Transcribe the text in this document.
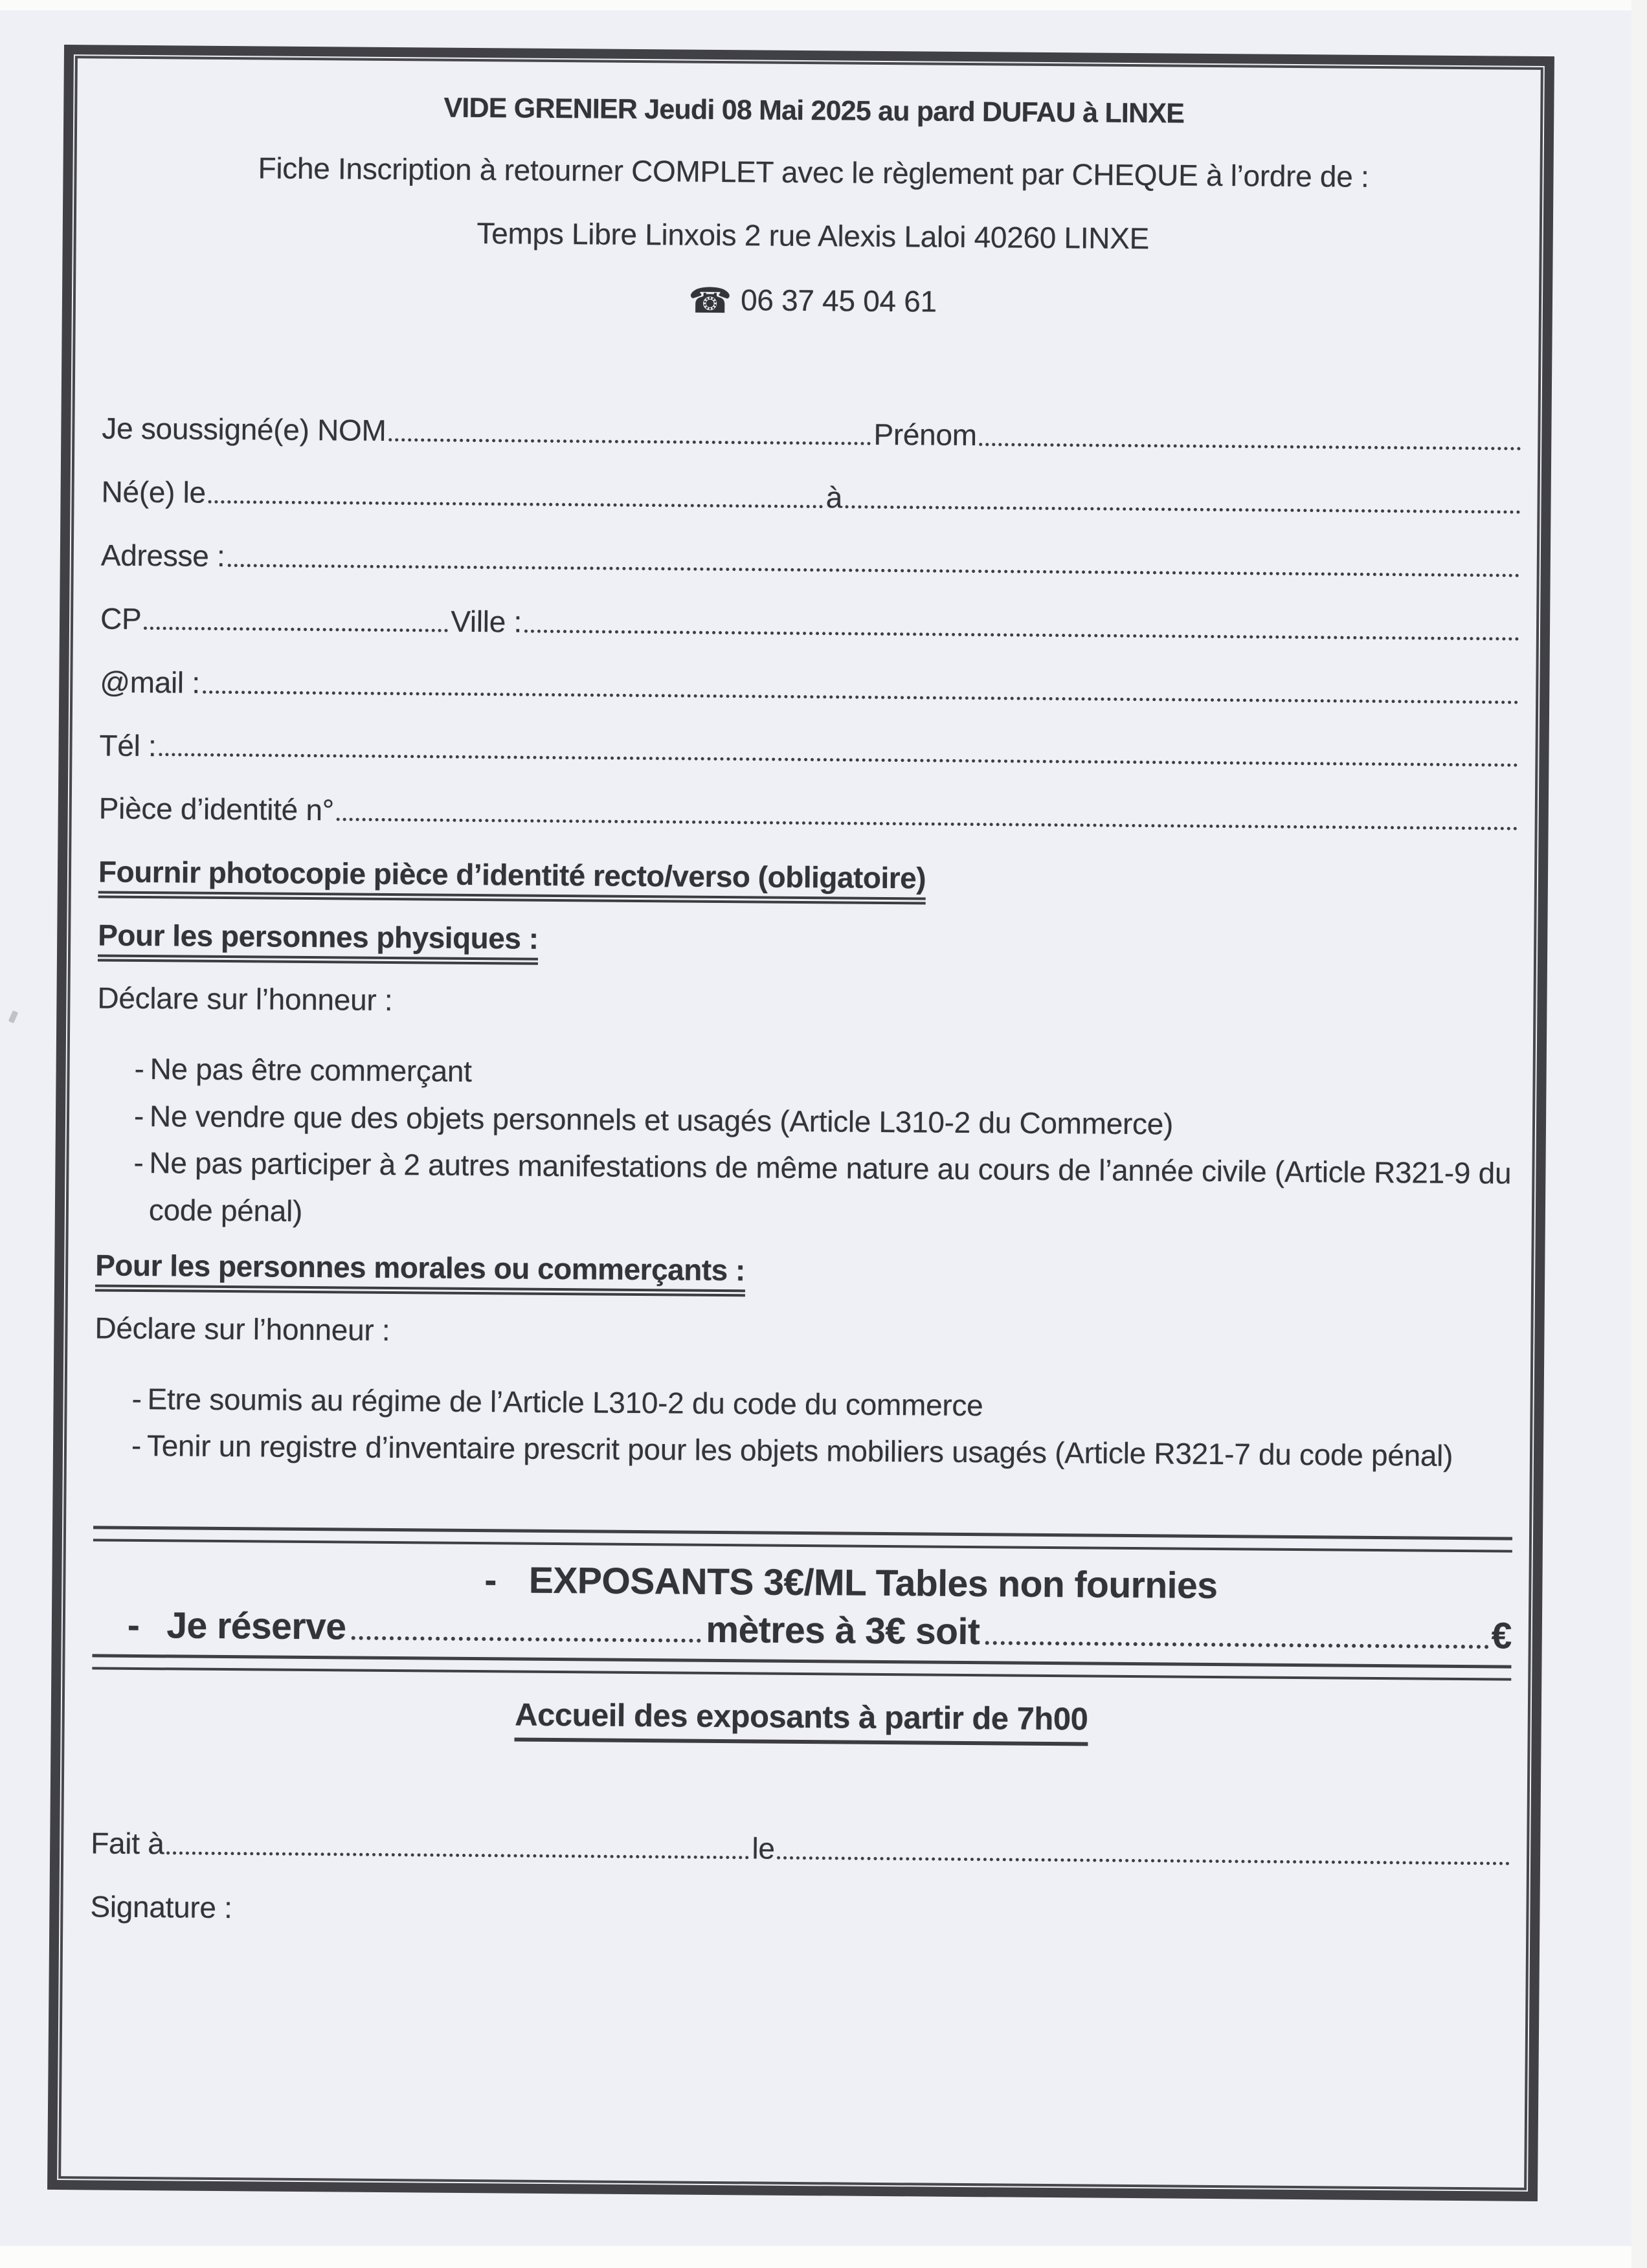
VIDE GRENIER Jeudi 08 Mai 2025 au pard DUFAU à LINXE
Fiche Inscription à retourner COMPLET avec le règlement par CHEQUE à l’ordre de :
Temps Libre Linxois 2 rue Alexis Laloi 40260 LINXE
☎ 06 37 45 04 61
Je soussigné(e) NOM	Prénom
Né(e) le	à
Adresse :
CP	Ville :
@mail :
Tél :
Pièce d’identité n°
Fournir photocopie pièce d’identité recto/verso (obligatoire)
Pour les personnes physiques :
Déclare sur l’honneur :
- Ne pas être commerçant
- Ne vendre que des objets personnels et usagés (Article L310-2 du Commerce)
- Ne pas participer à 2 autres manifestations de même nature au cours de l’année civile (Article R321-9 du code pénal)
Pour les personnes morales ou commerçants :
Déclare sur l’honneur :
- Etre soumis au régime de l’Article L310-2 du code du commerce
- Tenir un registre d’inventaire prescrit pour les objets mobiliers usagés (Article R321-7 du code pénal)
- EXPOSANTS 3€/ML Tables non fournies
- Je réserve	mètres à 3€ soit	€
Accueil des exposants à partir de 7h00
Fait à	le
Signature :
